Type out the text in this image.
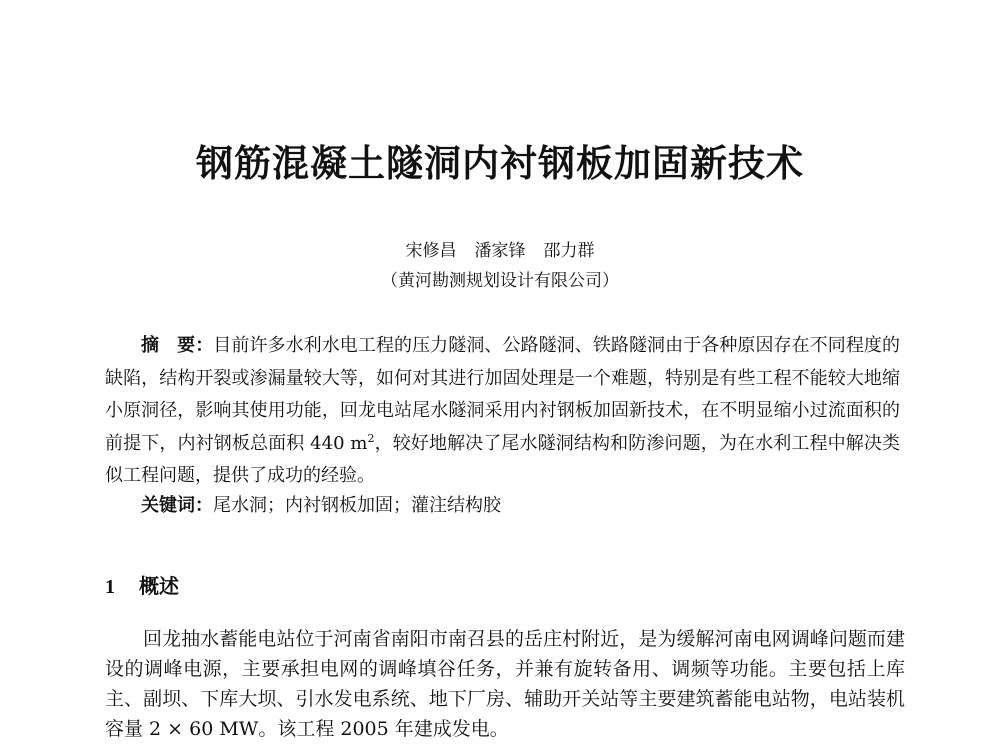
钢筋混凝土隧洞内衬钢板加固新技术
宋修昌 潘家锋 邵力群
（黄河勘测规划设计有限公司）

摘　要：目前许多水利水电工程的压力隧洞、公路隧洞、铁路隧洞由于各种原因存在不同程度的缺陷，结构开裂或渗漏量较大等，如何对其进行加固处理是一个难题，特别是有些工程不能较大地缩小原洞径，影响其使用功能，回龙电站尾水隧洞采用内衬钢板加固新技术，在不明显缩小过流面积的前提下，内衬钢板总面积 440 $m^2$，较好地解决了尾水隧洞结构和防渗问题，为在水利工程中解决类似工程问题，提供了成功的经验。

关键词：尾水洞；内衬钢板加固；灌注结构胶

1 概述

回龙抽水蓄能电站位于河南省南阳市南召县的岳庄村附近，是为缓解河南电网调峰问题而建设的调峰电源，主要承担电网的调峰填谷任务，并兼有旋转备用、调频等功能。主要包括上库主、副坝、下库大坝、引水发电系统、地下厂房、辅助开关站等主要建筑蓄能电站物，电站装机容量 2 × 60 MW。该工程 2005 年建成发电。
